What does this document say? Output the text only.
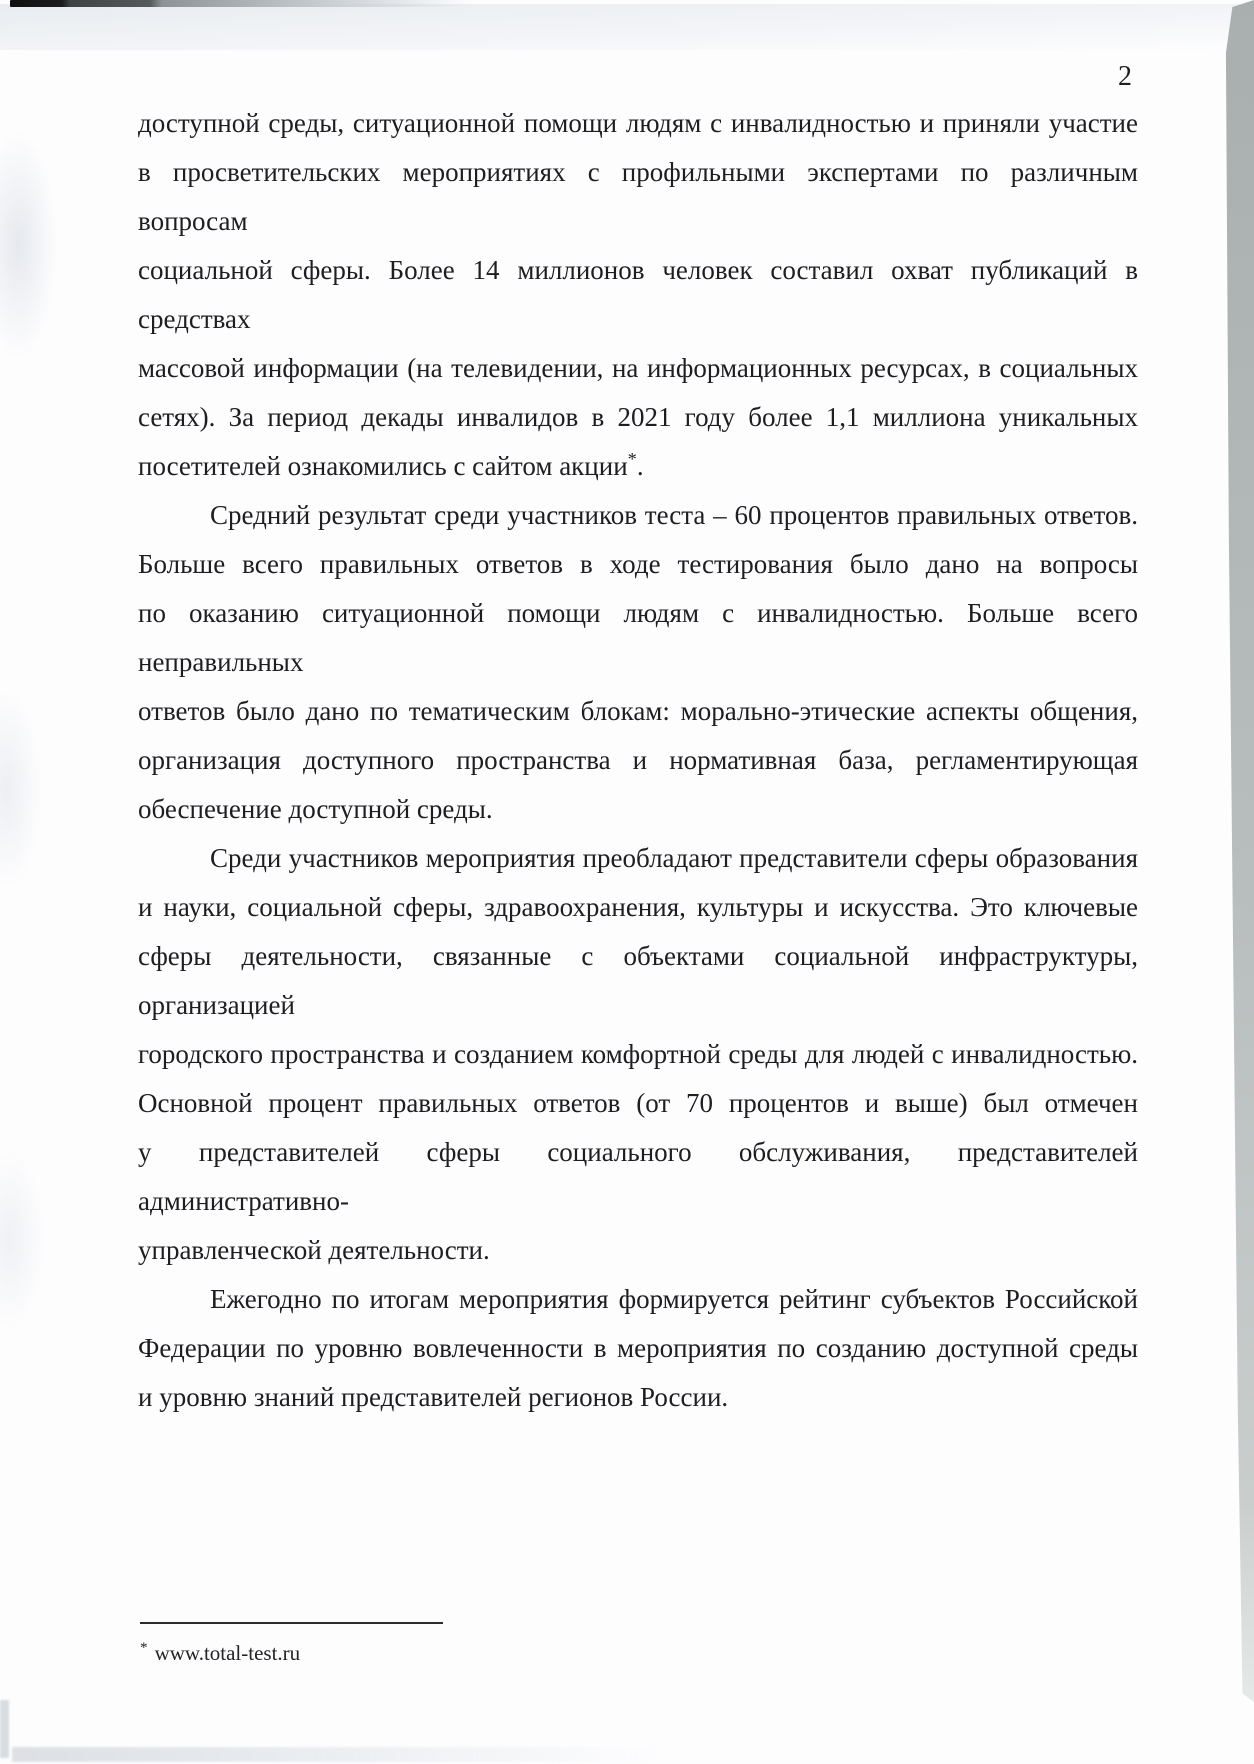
2
доступной среды, ситуационной помощи людям с инвалидностью и приняли участие
в просветительских мероприятиях с профильными экспертами по различным вопросам
социальной сферы. Более 14 миллионов человек составил охват публикаций в средствах
массовой информации (на телевидении, на информационных ресурсах, в социальных
сетях). За период декады инвалидов в 2021 году более 1,1 миллиона уникальных
посетителей ознакомились с сайтом акции*.
Средний результат среди участников теста – 60 процентов правильных ответов.
Больше всего правильных ответов в ходе тестирования было дано на вопросы
по оказанию ситуационной помощи людям с инвалидностью. Больше всего неправильных
ответов было дано по тематическим блокам: морально-этические аспекты общения,
организация доступного пространства и нормативная база, регламентирующая
обеспечение доступной среды.
Среди участников мероприятия преобладают представители сферы образования
и науки, социальной сферы, здравоохранения, культуры и искусства. Это ключевые
сферы деятельности, связанные с объектами социальной инфраструктуры, организацией
городского пространства и созданием комфортной среды для людей с инвалидностью.
Основной процент правильных ответов (от 70 процентов и выше) был отмечен
у представителей сферы социального обслуживания, представителей административно-
управленческой деятельности.
Ежегодно по итогам мероприятия формируется рейтинг субъектов Российской
Федерации по уровню вовлеченности в мероприятия по созданию доступной среды
и уровню знаний представителей регионов России.
* www.total-test.ru
